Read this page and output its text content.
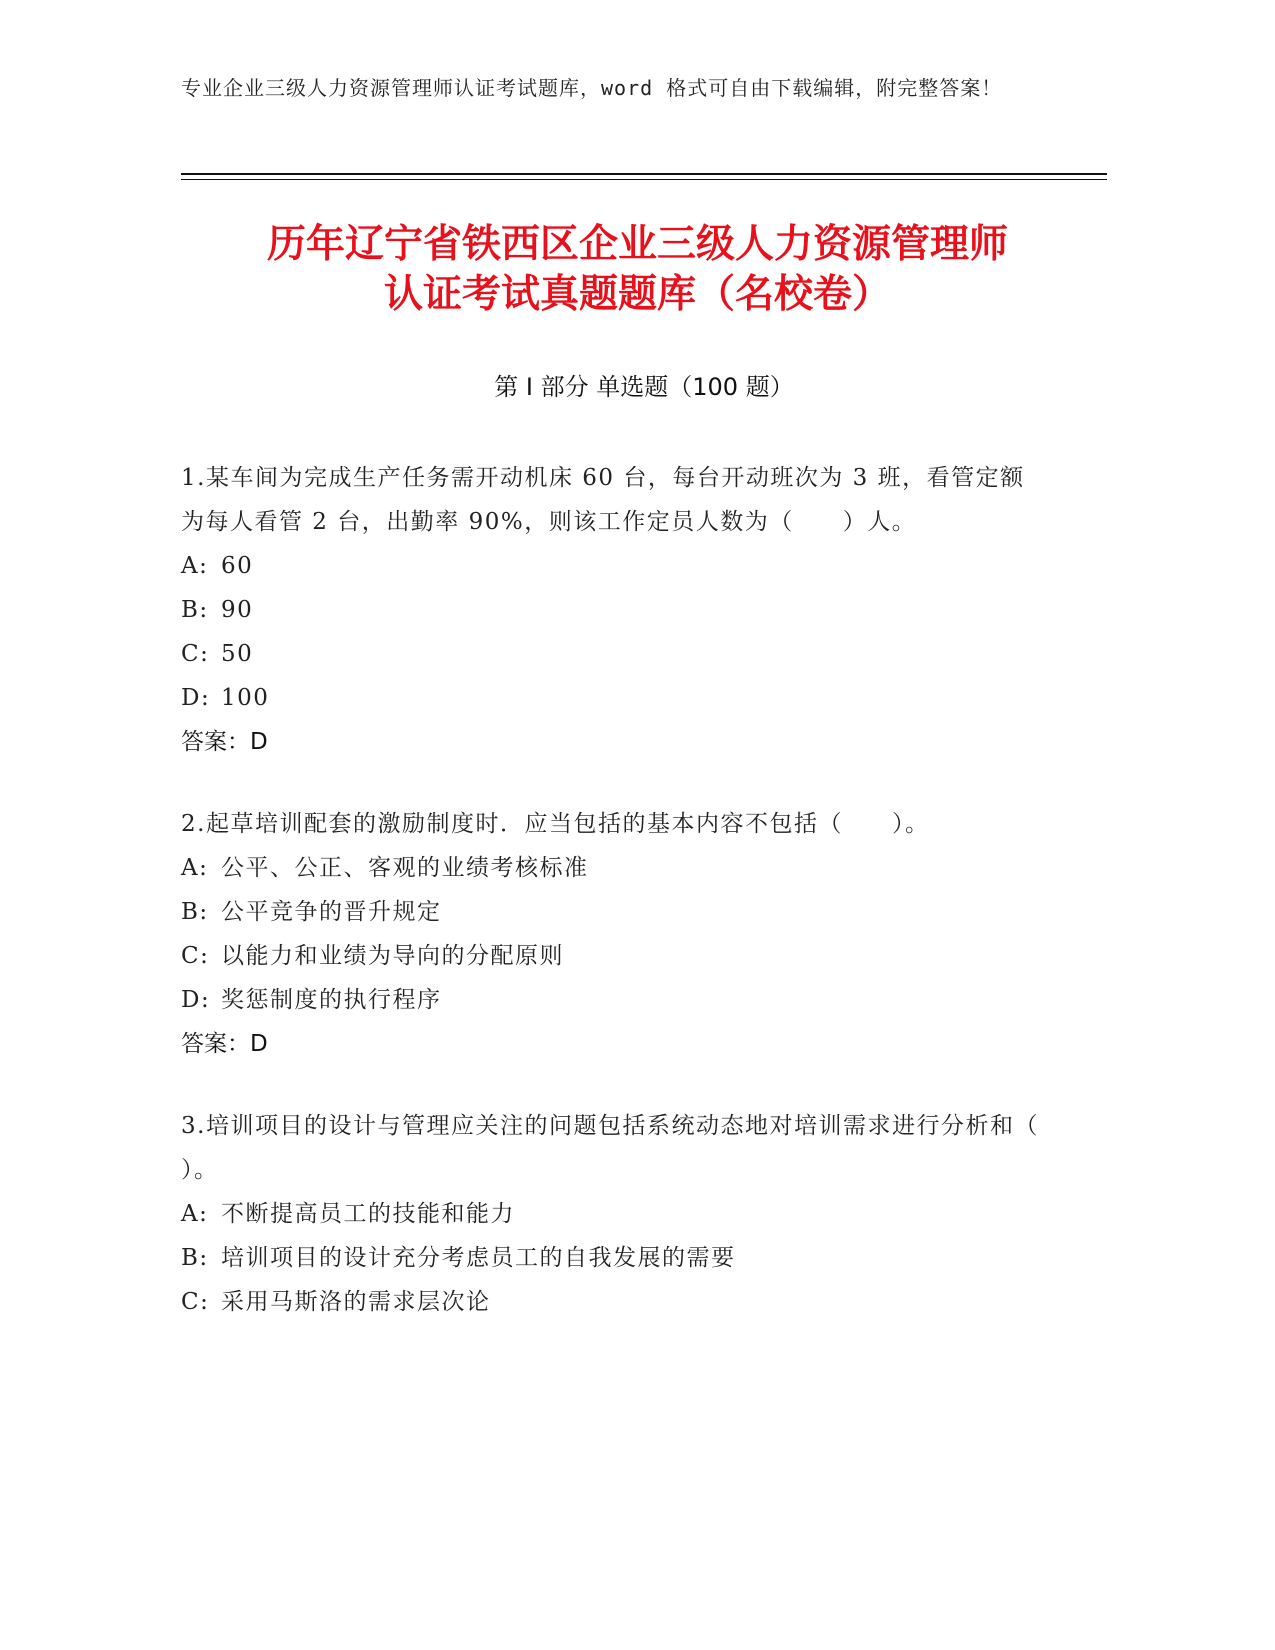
专业企业三级人力资源管理师认证考试题库，word 格式可自由下载编辑，附完整答案！
历年辽宁省铁西区企业三级人力资源管理师
认证考试真题题库（名校卷）
第 I 部分 单选题（100 题）
1.某车间为完成生产任务需开动机床 60 台，每台开动班次为 3 班，看管定额为每人看管 2 台，出勤率 90%，则该工作定员人数为（　　）人。
A: 60
B: 90
C: 50
D: 100
答案：D
2.起草培训配套的激励制度时．应当包括的基本内容不包括（　　）。
A: 公平、公正、客观的业绩考核标准
B: 公平竞争的晋升规定
C: 以能力和业绩为导向的分配原则
D: 奖惩制度的执行程序
答案：D
3.培训项目的设计与管理应关注的问题包括系统动态地对培训需求进行分析和（ ）。
A: 不断提高员工的技能和能力
B: 培训项目的设计充分考虑员工的自我发展的需要
C: 采用马斯洛的需求层次论
